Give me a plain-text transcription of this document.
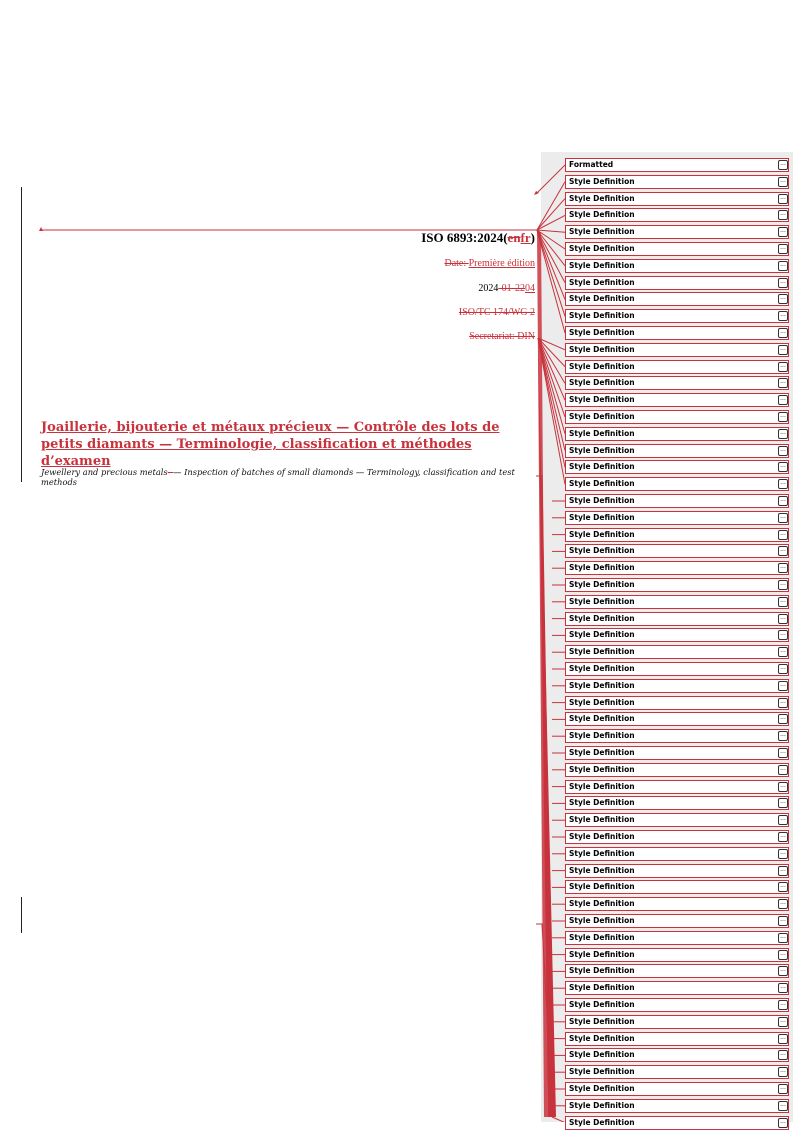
ISO 6893:2024(enfr)
Date: Première édition
2024-01-2204
ISO/TC 174/WG 2
Secretariat: DIN
Joaillerie, bijouterie et métaux précieux — Contrôle des lots de petits diamants — Terminologie, classification et méthodes d’examen

Jewellery and precious metals- — Inspection of batches of small diamonds — Terminology, classification and test methods

Formatted	...
Style Definition	...
Style Definition	...
Style Definition	...
Style Definition	...
Style Definition	...
Style Definition	...
Style Definition	...
Style Definition	...
Style Definition	...
Style Definition	...
Style Definition	...
Style Definition	...
Style Definition	...
Style Definition	...
Style Definition	...
Style Definition	...
Style Definition	...
Style Definition	...
Style Definition	...
Style Definition	...
Style Definition	...
Style Definition	...
Style Definition	...
Style Definition	...
Style Definition	...
Style Definition	...
Style Definition	...
Style Definition	...
Style Definition	...
Style Definition	...
Style Definition	...
Style Definition	...
Style Definition	...
Style Definition	...
Style Definition	...
Style Definition	...
Style Definition	...
Style Definition	...
Style Definition	...
Style Definition	...
Style Definition	...
Style Definition	...
Style Definition	...
Style Definition	...
Style Definition	...
Style Definition	...
Style Definition	...
Style Definition	...
Style Definition	...
Style Definition	...
Style Definition	...
Style Definition	...
Style Definition	...
Style Definition	...
Style Definition	...
Style Definition	...
Style Definition	...
